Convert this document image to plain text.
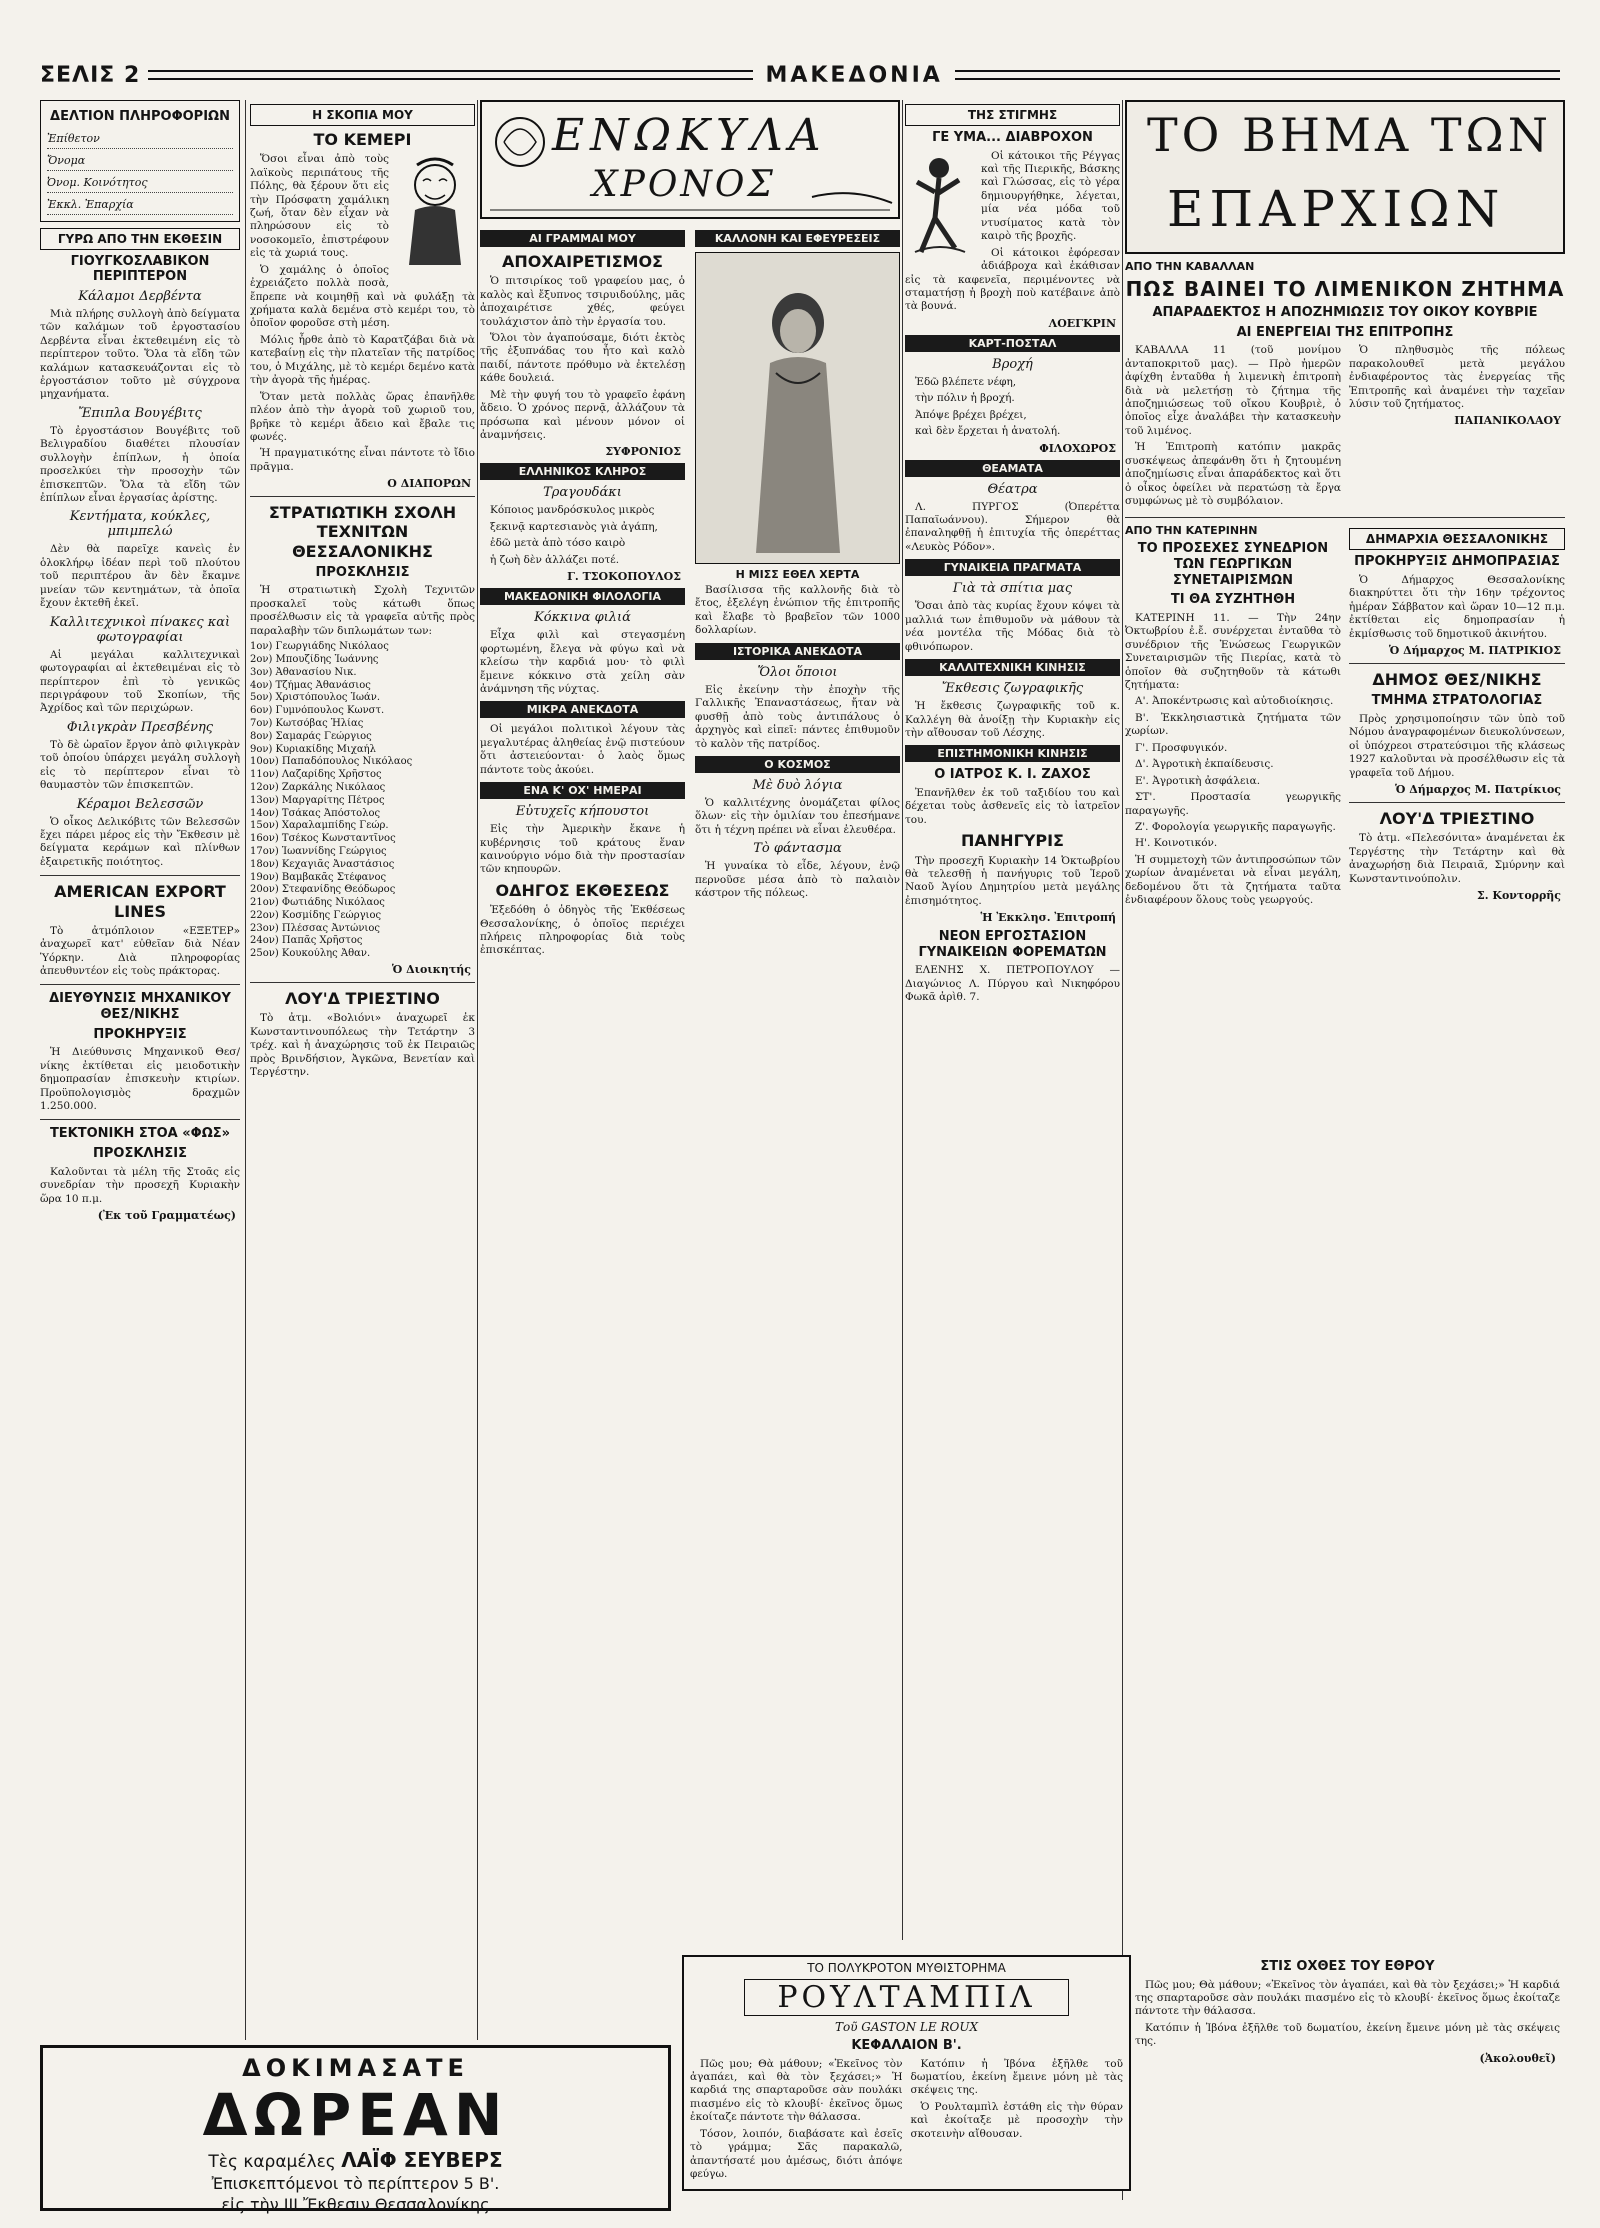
ΣΕΛΙΣ 2	ΜΑΚΕΔΟΝΙΑ
ΔΕΛΤΙΟΝ ΠΛΗΡΟΦΟΡΙΩΝ
Ἐπίθετον
Ὄνομα
Ὀνομ. Κοινότητος
Ἐκκλ. Ἐπαρχία
ΓΥΡΩ ΑΠΟ ΤΗΝ ΕΚΘΕΣΙΝ
ΓΙΟΥΓΚΟΣΛΑΒΙΚΟΝ ΠΕΡΙΠΤΕΡΟΝ
Κάλαμοι Δερβέντα

Μιὰ πλήρης συλλογὴ ἀπὸ δείγματα τῶν καλάμων τοῦ ἐργοστασίου Δερβέντα εἶναι ἐκτεθειμένη εἰς τὸ περίπτερον τοῦτο. Ὅλα τὰ εἴδη τῶν καλάμων κατασκευάζονται εἰς τὸ ἐργοστάσιον τοῦτο μὲ σύγχρονα μηχανήματα.

Ἔπιπλα Βουγέβιτς

Τὸ ἐργοστάσιον Βουγέβιτς τοῦ Βελιγραδίου διαθέτει πλουσίαν συλλογὴν ἐπίπλων, ἡ ὁποία προσελκύει τὴν προσοχὴν τῶν ἐπισκεπτῶν. Ὅλα τὰ εἴδη τῶν ἐπίπλων εἶναι ἐργασίας ἀρίστης.

Κεντήματα, κούκλες, μπιμπελώ

Δὲν θὰ παρεῖχε κανεὶς ἐν ὁλοκλήρῳ ἰδέαν περὶ τοῦ πλούτου τοῦ περιπτέρου ἂν δὲν ἔκαμνε μνείαν τῶν κεντημάτων, τὰ ὁποῖα ἔχουν ἐκτεθῆ ἐκεῖ.

Καλλιτεχνικοὶ πίνακες καὶ φωτογραφίαι

Αἱ μεγάλαι καλλιτεχνικαὶ φωτογραφίαι αἱ ἐκτεθειμέναι εἰς τὸ περίπτερον ἐπὶ τὸ γενικῶς περιγράφουν τοῦ Σκοπίων, τῆς Ἀχρίδος καὶ τῶν περιχώρων.

Φιλιγκρὰν Πρεσβένης

Τὸ δὲ ὡραῖον ἔργον ἀπὸ φιλιγκρὰν τοῦ ὁποίου ὑπάρχει μεγάλη συλλογὴ εἰς τὸ περίπτερον εἶναι τὸ θαυμαστὸν τῶν ἐπισκεπτῶν.

Κέραμοι Βελεσσῶν

Ὁ οἶκος Δελικόβιτς τῶν Βελεσσῶν ἔχει πάρει μέρος εἰς τὴν Ἔκθεσιν μὲ δείγματα κεράμων καὶ πλίνθων ἐξαιρετικῆς ποιότητος.

AMERICAN EXPORT LINES

Τὸ ἀτμόπλοιον «ΕΞΕΤΕΡ» ἀναχωρεῖ κατ' εὐθεῖαν διὰ Νέαν Ὑόρκην. Διὰ πληροφορίας ἀπευθυντέον εἰς τοὺς πράκτορας.

ΔΙΕΥΘΥΝΣΙΣ ΜΗΧΑΝΙΚΟΥ ΘΕΣ/ΝΙΚΗΣ
ΠΡΟΚΗΡΥΞΙΣ

Ἡ Διεύθυνσις Μηχανικοῦ Θεσ/νίκης ἐκτίθεται εἰς μειοδοτικὴν δημοπρασίαν ἐπισκευὴν κτιρίων. Προϋπολογισμὸς δραχμῶν 1.250.000.

ΤΕΚΤΟΝΙΚΗ ΣΤΟΑ «ΦΩΣ»
ΠΡΟΣΚΛΗΣΙΣ

Καλοῦνται τὰ μέλη τῆς Στοᾶς εἰς συνεδρίαν τὴν προσεχῆ Κυριακὴν ὥρα 10 π.μ.

(Ἐκ τοῦ Γραμματέως)
Η ΣΚΟΠΙΑ ΜΟΥ
ΤΟ ΚΕΜΕΡΙ

Ὅσοι εἶναι ἀπὸ τοὺς λαϊκοὺς περιπάτους τῆς Πόλης, θὰ ξέρουν ὅτι εἰς τὴν Πρόσφατη χαμάλικη ζωή, ὅταν δὲν εἶχαν νὰ πληρώσουν εἰς τὸ νοσοκομεῖο, ἐπιστρέφουν εἰς τὰ χωριά τους.

Ὁ χαμάλης ὁ ὁποῖος ἐχρειάζετο πολλὰ ποσὰ, ἔπρεπε νὰ κοιμηθῇ καὶ νὰ φυλάξῃ τὰ χρήματα καλὰ δεμένα στὸ κεμέρι του, τὸ ὁποῖον φοροῦσε στὴ μέση.

Μόλις ἦρθε ἀπὸ τὸ Καρατζάβαι διὰ νὰ κατεβαίνῃ εἰς τὴν πλατεῖαν τῆς πατρίδος του, ὁ Μιχάλης, μὲ τὸ κεμέρι δεμένο κατὰ τὴν ἀγορὰ τῆς ἡμέρας.

Ὅταν μετὰ πολλὰς ὥρας ἐπανῆλθε πλέον ἀπὸ τὴν ἀγορὰ τοῦ χωριοῦ του, βρῆκε τὸ κεμέρι ἄδειο καὶ ἔβαλε τις φωνές.

Ἡ πραγματικότης εἶναι πάντοτε τὸ ἴδιο πρᾶγμα.

Ο ΔΙΑΠΟΡΩΝ
ΣΤΡΑΤΙΩΤΙΚΗ ΣΧΟΛΗ ΤΕΧΝΙΤΩΝ ΘΕΣΣΑΛΟΝΙΚΗΣ
ΠΡΟΣΚΛΗΣΙΣ

Ἡ στρατιωτικὴ Σχολὴ Τεχνιτῶν προσκαλεῖ τοὺς κάτωθι ὅπως προσέλθωσιν εἰς τὰ γραφεῖα αὐτῆς πρὸς παραλαβὴν τῶν διπλωμάτων των:

1ον) Γεωργιάδης Νικόλαος
2ον) Μπουζίδης Ἰωάννης
3ον) Ἀθανασίου Νικ.
4ον) Τζήμας Ἀθανάσιος
5ον) Χριστόπουλος Ἰωάν.
6ον) Γυμνόπουλος Κωνστ.
7ον) Κωτσόβας Ἡλίας
8ον) Σαμαράς Γεώργιος
9ον) Κυριακίδης Μιχαήλ
10ον) Παπαδόπουλος Νικόλαος
11ον) Λαζαρίδης Χρῆστος
12ον) Ζαρκάλης Νικόλαος
13ον) Μαργαρίτης Πέτρος
14ον) Τσάκας Ἀπόστολος
15ον) Χαραλαμπίδης Γεώρ.
16ον) Τσέκος Κωνσταντῖνος
17ον) Ἰωαννίδης Γεώργιος
18ον) Κεχαγιᾶς Ἀναστάσιος
19ον) Βαμβακᾶς Στέφανος
20ον) Στεφανίδης Θεόδωρος
21ον) Φωτιάδης Νικόλαος
22ον) Κοσμίδης Γεώργιος
23ον) Πλέσσας Ἀντώνιος
24ον) Παπᾶς Χρῆστος
25ον) Κουκούλης Ἀθαν.
Ὁ Διοικητής
ΛΟΥ'Δ ΤΡΙΕΣΤΙΝΟ

Τὸ ἀτμ. «Βολιόνι» ἀναχωρεῖ ἐκ Κωνσταντινουπόλεως τὴν Τετάρτην 3 τρέχ. καὶ ἡ ἀναχώρησις τοῦ ἐκ Πειραιῶς πρὸς Βρινδήσιον, Ἀγκῶνα, Βενετίαν καὶ Τεργέστην.

ΕΝΩΚΥΛΑ
ΧΡΟΝΟΣ
ΑΙ ΓΡΑΜΜΑΙ ΜΟΥ
ΑΠΟΧΑΙΡΕΤΙΣΜΟΣ

Ὁ πιτσιρίκος τοῦ γραφείου μας, ὁ καλὸς καὶ ἔξυπνος τσιρυιδούλης, μᾶς ἀποχαιρέτισε χθές, φεύγει τουλάχιστον ἀπὸ τὴν ἐργασία του.

Ὅλοι τὸν ἀγαπούσαμε, διότι ἐκτὸς τῆς ἐξυπνάδας του ἦτο καὶ καλὸ παιδί, πάντοτε πρόθυμο νὰ ἐκτελέσῃ κάθε δουλειά.

Μὲ τὴν φυγή του τὸ γραφεῖο ἐφάνη ἄδειο. Ὁ χρόνος περνᾷ, ἀλλάζουν τὰ πρόσωπα καὶ μένουν μόνον οἱ ἀναμνήσεις.

ΣΥΦΡΟΝΙΟΣ
ΕΛΛΗΝΙΚΟΣ ΚΛΗΡΟΣ
Τραγουδάκι

Κόποιος μανδρόσκυλος μικρὸς

ξεκινᾷ καρτεσιανὸς γιὰ ἀγάπη,

ἐδῶ μετὰ ἀπὸ τόσο καιρὸ

ἡ ζωὴ δὲν ἀλλάζει ποτέ.

Γ. ΤΣΟΚΟΠΟΥΛΟΣ
ΜΑΚΕΔΟΝΙΚΗ ΦΙΛΟΛΟΓΙΑ
Κόκκινα φιλιά

Εἶχα φιλὶ καὶ στεγασμένη φορτωμένη, ἔλεγα νὰ φύγω καὶ νὰ κλείσω τὴν καρδιά μου· τὸ φιλὶ ἔμεινε κόκκινο στὰ χείλη σὰν ἀνάμνηση τῆς νύχτας.

ΜΙΚΡΑ ΑΝΕΚΔΟΤΑ

Οἱ μεγάλοι πολιτικοὶ λέγουν τὰς μεγαλυτέρας ἀληθείας ἐνῷ πιστεύουν ὅτι ἀστειεύονται· ὁ λαὸς ὅμως πάντοτε τοὺς ἀκούει.

ΕΝΑ Κ' ΟΧ' ΗΜΕΡΑΙ
Εὐτυχεῖς κήπουστοι

Εἰς τὴν Ἀμερικὴν ἔκανε ἡ κυβέρνησις τοῦ κράτους ἕναν καινούργιο νόμο διὰ τὴν προστασίαν τῶν κηπουρῶν.

ΟΔΗΓΟΣ ΕΚΘΕΣΕΩΣ

Ἐξεδόθη ὁ ὁδηγὸς τῆς Ἐκθέσεως Θεσσαλονίκης, ὁ ὁποῖος περιέχει πλήρεις πληροφορίας διὰ τοὺς ἐπισκέπτας.

ΚΑΛΛΟΝΗ ΚΑΙ ΕΦΕΥΡΕΣΕΙΣ
Η ΜΙΣΣ ΕΘΕΛ ΧΕΡΤΑ

Βασίλισσα τῆς καλλονῆς διὰ τὸ ἔτος, ἐξελέγη ἐνώπιον τῆς ἐπιτροπῆς καὶ ἔλαβε τὸ βραβεῖον τῶν 1000 δολλαρίων.

ΙΣΤΟΡΙΚΑ ΑΝΕΚΔΟΤΑ
Ὅλοι ὅποιοι

Εἰς ἐκείνην τὴν ἐποχὴν τῆς Γαλλικῆς Ἐπαναστάσεως, ἤταν νὰ φυσθῇ ἀπὸ τοὺς ἀντιπάλους ὁ ἀρχηγὸς καὶ εἰπεῖ: πάντες ἐπιθυμοῦν τὸ καλὸν τῆς πατρίδος.

Ο ΚΟΣΜΟΣ
Μὲ δυὸ λόγια

Ὁ καλλιτέχνης ὀνομάζεται φίλος ὅλων· εἰς τὴν ὁμιλίαν του ἐπεσήμανε ὅτι ἡ τέχνη πρέπει νὰ εἶναι ἐλευθέρα.

Τὸ φάντασμα

Ἡ γυναίκα τὸ εἶδε, λέγουν, ἐνῷ περνοῦσε μέσα ἀπὸ τὸ παλαιὸν κάστρον τῆς πόλεως.

ΤΗΣ ΣΤΙΓΜΗΣ
ΓΕ ΥΜΑ... ΔΙΑΒΡΟΧΟΝ

Οἱ κάτοικοι τῆς Ρέγγας καὶ τῆς Πιερικῆς, Βάσκης καὶ Γλώσσας, εἰς τὸ γέρα δημιουργήθηκε, λέγεται, μία νέα μόδα τοῦ ντυσίματος κατὰ τὸν καιρὸ τῆς βροχῆς.

Οἱ κάτοικοι ἐφόρεσαν ἀδιάβροχα καὶ ἐκάθισαν εἰς τὰ καφενεῖα, περιμένοντες νὰ σταματήσῃ ἡ βροχὴ ποὺ κατέβαινε ἀπὸ τὰ βουνά.

ΛΟΕΓΚΡΙΝ
ΚΑΡΤ-ΠΟΣΤΑΛ
Βροχή

Ἐδῶ βλέπετε νέφη,

τὴν πόλιν ἡ βροχή.

Ἀπόψε βρέχει βρέχει,

καὶ δὲν ἔρχεται ἡ ἀνατολή.

ΦΙΛΟΧΩΡΟΣ
ΘΕΑΜΑΤΑ
Θέατρα

Λ. ΠΥΡΓΟΣ (Ὀπερέττα Παπαϊωάννου). Σήμερον θὰ ἐπαναληφθῇ ἡ ἐπιτυχία τῆς ὀπερέττας «Λευκὸς Ρόδον».

ΓΥΝΑΙΚΕΙΑ ΠΡΑΓΜΑΤΑ
Γιὰ τὰ σπίτια μας

Ὅσαι ἀπὸ τὰς κυρίας ἔχουν κόψει τὰ μαλλιά των ἐπιθυμοῦν νὰ μάθουν τὰ νέα μοντέλα τῆς Μόδας διὰ τὸ φθινόπωρον.

ΚΑΛΛΙΤΕΧΝΙΚΗ ΚΙΝΗΣΙΣ
Ἔκθεσις ζωγραφικῆς

Ἡ ἔκθεσις ζωγραφικῆς τοῦ κ. Καλλέγη θὰ ἀνοίξῃ τὴν Κυριακὴν εἰς τὴν αἴθουσαν τοῦ Λέσχης.

ΕΠΙΣΤΗΜΟΝΙΚΗ ΚΙΝΗΣΙΣ
Ο ΙΑΤΡΟΣ Κ. Ι. ΖΑΧΟΣ

Ἐπανῆλθεν ἐκ τοῦ ταξιδίου του καὶ δέχεται τοὺς ἀσθενεῖς εἰς τὸ ἰατρεῖον του.

ΠΑΝΗΓΥΡΙΣ

Τὴν προσεχῆ Κυριακὴν 14 Ὀκτωβρίου θὰ τελεσθῇ ἡ πανήγυρις τοῦ Ἱεροῦ Ναοῦ Ἁγίου Δημητρίου μετὰ μεγάλης ἐπισημότητος.

Ἡ Ἐκκλησ. Ἐπιτροπή
ΝΕΟΝ ΕΡΓΟΣΤΑΣΙΟΝ ΓΥΝΑΙΚΕΙΩΝ ΦΟΡΕΜΑΤΩΝ

ΕΛΕΝΗΣ Χ. ΠΕΤΡΟΠΟΥΛΟΥ — Διαγώνιος Λ. Πύργου καὶ Νικηφόρου Φωκᾶ ἀρὶθ. 7.

ΤΟ ΒΗΜΑ ΤΩΝ
ΕΠΑΡΧΙΩΝ
ΑΠΟ ΤΗΝ ΚΑΒΑΛΛΑΝ
ΠΩΣ ΒΑΙΝΕΙ ΤΟ ΛΙΜΕΝΙΚΟΝ ΖΗΤΗΜΑ
ΑΠΑΡΑΔΕΚΤΟΣ Η ΑΠΟΖΗΜΙΩΣΙΣ ΤΟΥ ΟΙΚΟΥ ΚΟΥΒΡΙΕ
ΑΙ ΕΝΕΡΓΕΙΑΙ ΤΗΣ ΕΠΙΤΡΟΠΗΣ

ΚΑΒΑΛΛΑ 11 (τοῦ μονίμου ἀνταποκριτοῦ μας). — Πρὸ ἡμερῶν ἀφίχθη ἐνταῦθα ἡ λιμενικὴ ἐπιτροπὴ διὰ νὰ μελετήσῃ τὸ ζήτημα τῆς ἀποζημιώσεως τοῦ οἴκου Κουβριὲ, ὁ ὁποῖος εἶχε ἀναλάβει τὴν κατασκευὴν τοῦ λιμένος.

Ἡ Ἐπιτροπὴ κατόπιν μακρᾶς συσκέψεως ἀπεφάνθη ὅτι ἡ ζητουμένη ἀποζημίωσις εἶναι ἀπαράδεκτος καὶ ὅτι ὁ οἶκος ὀφείλει νὰ περατώσῃ τὰ ἔργα συμφώνως μὲ τὸ συμβόλαιον.

Ὁ πληθυσμὸς τῆς πόλεως παρακολουθεῖ μετὰ μεγάλου ἐνδιαφέροντος τὰς ἐνεργείας τῆς Ἐπιτροπῆς καὶ ἀναμένει τὴν ταχεῖαν λύσιν τοῦ ζητήματος.

ΠΑΠΑΝΙΚΟΛΑΟΥ
ΑΠΟ ΤΗΝ ΚΑΤΕΡΙΝΗΝ
ΤΟ ΠΡΟΣΕΧΕΣ ΣΥΝΕΔΡΙΟΝ ΤΩΝ ΓΕΩΡΓΙΚΩΝ ΣΥΝΕΤΑΙΡΙΣΜΩΝ
ΤΙ ΘΑ ΣΥΖΗΤΗΘΗ

ΚΑΤΕΡΙΝΗ 11. — Τὴν 24ην Ὀκτωβρίου ἐ.ἔ. συνέρχεται ἐνταῦθα τὸ συνέδριον τῆς Ἑνώσεως Γεωργικῶν Συνεταιρισμῶν τῆς Πιερίας, κατὰ τὸ ὁποῖον θὰ συζητηθοῦν τὰ κάτωθι ζητήματα:

Α'. Ἀποκέντρωσις καὶ αὐτοδιοίκησις.

Β'. Ἐκκλησιαστικὰ ζητήματα τῶν χωρίων.

Γ'. Προσφυγικόν.

Δ'. Ἀγροτικὴ ἐκπαίδευσις.

Ε'. Ἀγροτικὴ ἀσφάλεια.

ΣΤ'. Προστασία γεωργικῆς παραγωγῆς.

Ζ'. Φορολογία γεωργικῆς παραγωγῆς.

Η'. Κοινοτικόν.

Ἡ συμμετοχὴ τῶν ἀντιπροσώπων τῶν χωρίων ἀναμένεται νὰ εἶναι μεγάλη, δεδομένου ὅτι τὰ ζητήματα ταῦτα ἐνδιαφέρουν ὅλους τοὺς γεωργούς.

ΔΗΜΑΡΧΙΑ ΘΕΣΣΑΛΟΝΙΚΗΣ
ΠΡΟΚΗΡΥΞΙΣ ΔΗΜΟΠΡΑΣΙΑΣ

Ὁ Δήμαρχος Θεσσαλονίκης διακηρύττει ὅτι τὴν 16ην τρέχοντος ἡμέραν Σάββατον καὶ ὥραν 10—12 π.μ. ἐκτίθεται εἰς δημοπρασίαν ἡ ἐκμίσθωσις τοῦ δημοτικοῦ ἀκινήτου.

Ὁ Δήμαρχος Μ. ΠΑΤΡΙΚΙΟΣ
ΔΗΜΟΣ ΘΕΣ/ΝΙΚΗΣ
ΤΜΗΜΑ ΣΤΡΑΤΟΛΟΓΙΑΣ

Πρὸς χρησιμοποίησιν τῶν ὑπὸ τοῦ Νόμου ἀναγραφομένων διευκολύνσεων, οἱ ὑπόχρεοι στρατεύσιμοι τῆς κλάσεως 1927 καλοῦνται νὰ προσέλθωσιν εἰς τὰ γραφεῖα τοῦ Δήμου.

Ὁ Δήμαρχος Μ. Πατρίκιος
ΛΟΥ'Δ ΤΡΙΕΣΤΙΝΟ

Τὸ ἀτμ. «Πελεσόνιτα» ἀναμένεται ἐκ Τεργέστης τὴν Τετάρτην καὶ θὰ ἀναχωρήσῃ διὰ Πειραιᾶ, Σμύρνην καὶ Κωνσταντινούπολιν.

Σ. Κοντορρῆς
ΔΟΚΙΜΑΣΑΤΕ
ΔΩΡΕΑΝ
Τὲς καραμέλες ΛΑΪΦ ΣΕΥΒΕΡΣ
Ἐπισκεπτόμενοι τὸ περίπτερον 5 Β'.
εἰς τὴν ΙΙΙ Ἔκθεσιν Θεσσαλονίκης
ΤΟ ΠΟΛΥΚΡΟΤΟΝ ΜΥΘΙΣΤΟΡΗΜΑ
ΡΟΥΛΤΑΜΠΙΛ
Τοῦ GASTON LE ROUX
ΚΕΦΑΛΑΙΟΝ Β'.

Πῶς μου; Θὰ μάθουν; «Ἐκεῖνος τὸν ἀγαπάει, καὶ θὰ τὸν ξεχάσει;» Ἡ καρδιά της σπαρταροῦσε σὰν πουλάκι πιασμένο εἰς τὸ κλουβί· ἐκεῖνος ὅμως ἐκοίταζε πάντοτε τὴν θάλασσα.

Τόσον, λοιπόν, διαβάσατε καὶ ἐσεῖς τὸ γράμμα; Σᾶς παρακαλῶ, ἀπαντήσατέ μου ἀμέσως, διότι ἀπόψε φεύγω.

Κατόπιν ἡ Ἰβόνα ἐξῆλθε τοῦ δωματίου, ἐκείνη ἔμεινε μόνη μὲ τὰς σκέψεις της.

Ὁ Ρουλταμπὶλ ἐστάθη εἰς τὴν θύραν καὶ ἐκοίταξε μὲ προσοχὴν τὴν σκοτεινὴν αἴθουσαν.

ΣΤΙΣ ΟΧΘΕΣ ΤΟΥ ΕΘΡΟΥ

Πῶς μου; Θὰ μάθουν; «Ἐκεῖνος τὸν ἀγαπάει, καὶ θὰ τὸν ξεχάσει;» Ἡ καρδιά της σπαρταροῦσε σὰν πουλάκι πιασμένο εἰς τὸ κλουβί· ἐκεῖνος ὅμως ἐκοίταζε πάντοτε τὴν θάλασσα.

Κατόπιν ἡ Ἰβόνα ἐξῆλθε τοῦ δωματίου, ἐκείνη ἔμεινε μόνη μὲ τὰς σκέψεις της.

(Ἀκολουθεῖ)
